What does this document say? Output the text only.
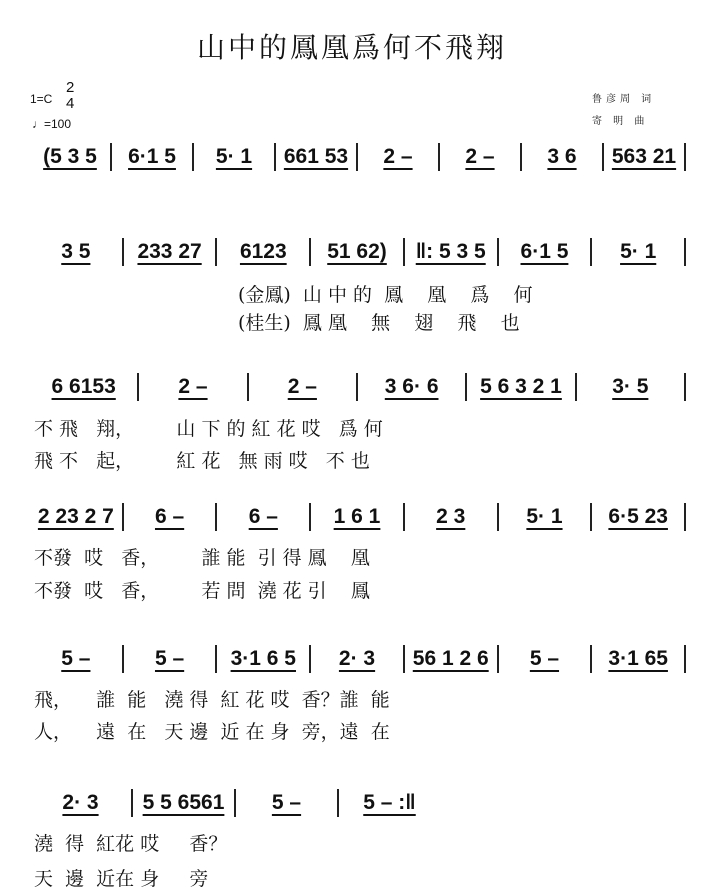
山中的鳳凰爲何不飛翔
1=C
2
4
♩=100
鲁彦周 词
寄 明 曲
(金鳳)  山 中 的  鳳    凰    爲    何
(桂生)  鳳 凰    無    翅    飛    也
不 飛   翔，       山 下 的 紅 花 哎   爲 何
飛 不   起，       紅 花   無 雨 哎   不 也
不發  哎   香，       誰 能  引 得 鳳    凰
不發  哎   香，       若 問  澆 花 引    鳳
飛，    誰  能   澆 得  紅 花 哎  香？誰  能
人，    遠  在   天 邊  近 在 身  旁，遠  在
澆  得  紅花 哎     香？
天  邊  近在 身     旁
(5 3 5	6·1 5	5· 1	661 53	2 –	2 –	3 6	563 21
3 5	233 27	6123	51 62)	‖: 5 3 5	6·1 5	5· 1
6 6153	2 –	2 –	3 6· 6	5 6 3 2 1	3· 5
2 23 2 7	6 –	6 –	1 6 1	2 3	5· 1	6·5 23
5 –	5 –	3·1 6 5	2· 3	56 1 2 6	5 –	3·1 65
2· 3	5 5 6561	5 –	5 – :‖
